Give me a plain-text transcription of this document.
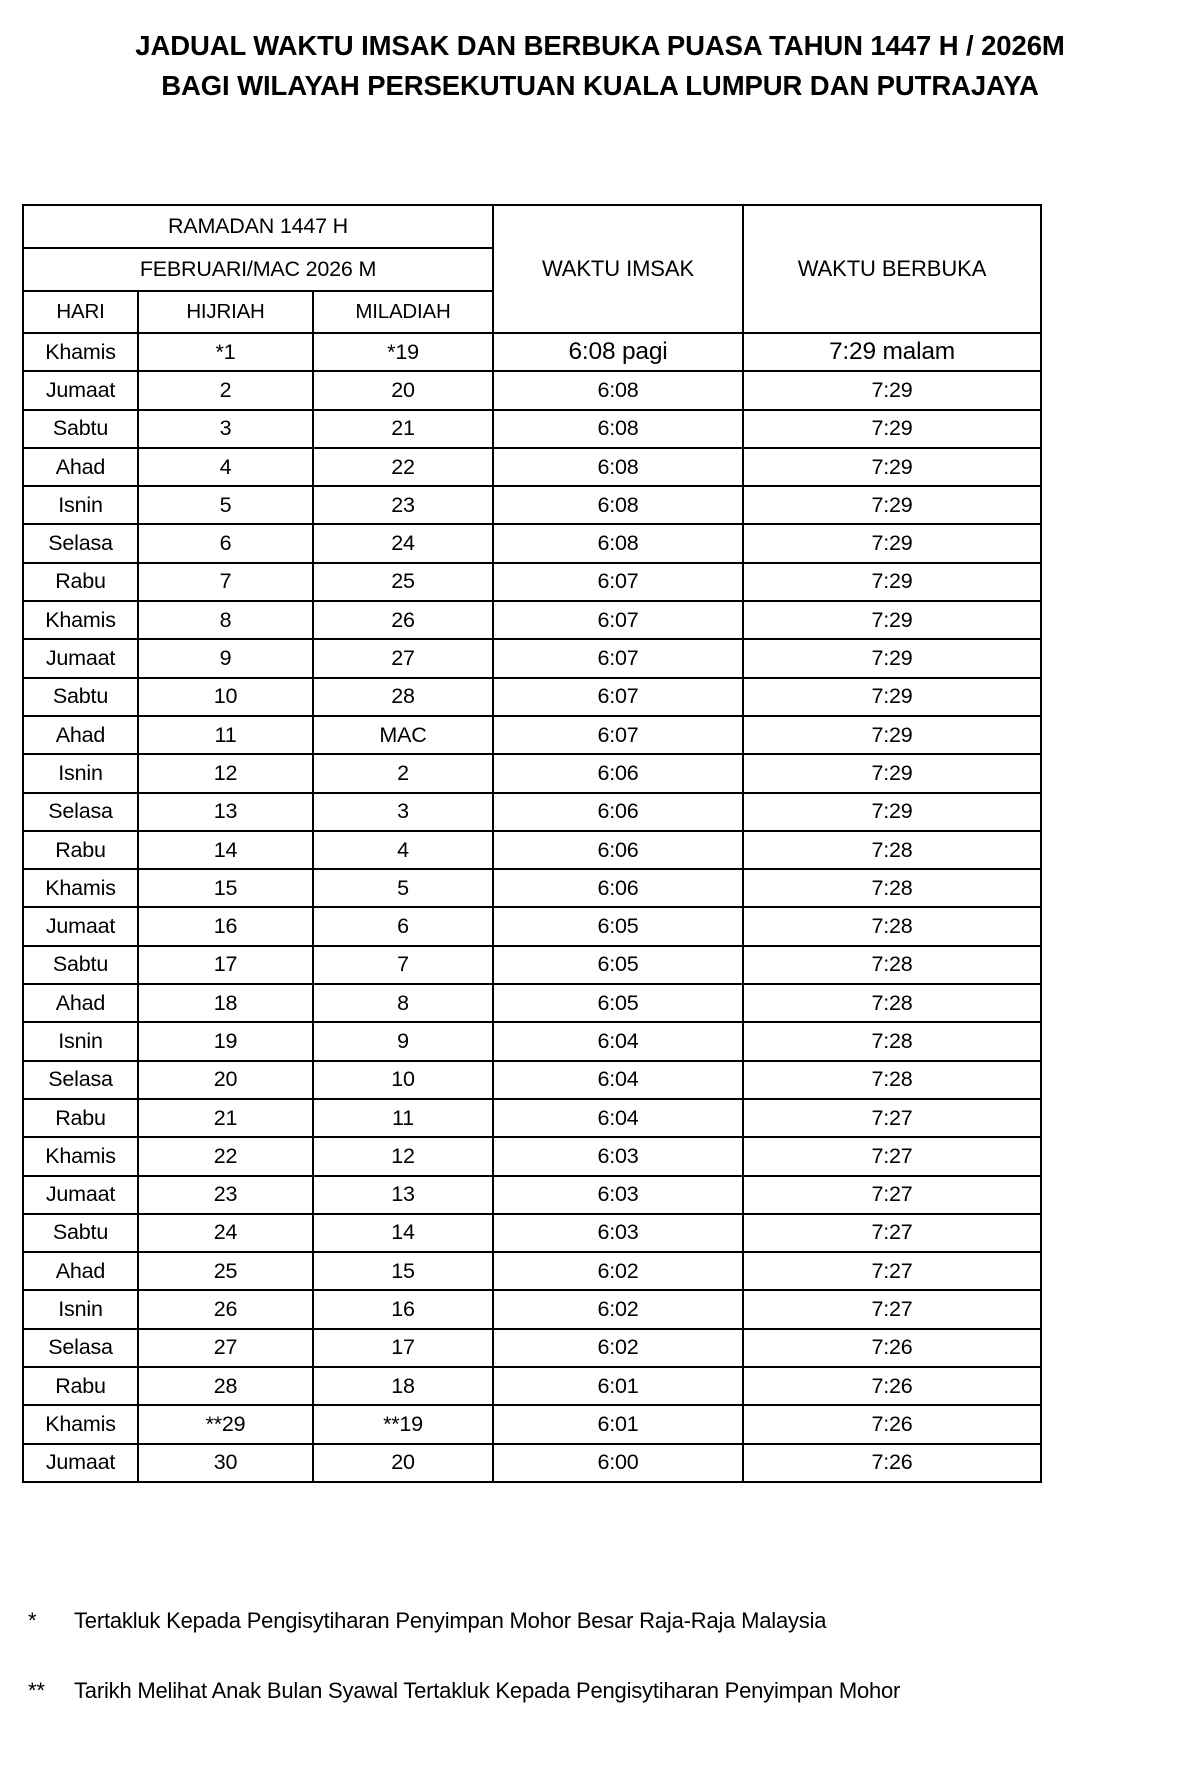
JADUAL WAKTU IMSAK DAN BERBUKA PUASA TAHUN 1447 H / 2026M
BAGI WILAYAH PERSEKUTUAN KUALA LUMPUR DAN PUTRAJAYA
RAMADAN 1447 H			WAKTU IMSAK	WAKTU BERBUKA
FEBRUARI/MAC 2026 M				
HARI	HIJRIAH	MILADIAH		
Khamis	*1	*19	6:08 pagi	7:29 malam
Jumaat	2	20	6:08	7:29
Sabtu	3	21	6:08	7:29
Ahad	4	22	6:08	7:29
Isnin	5	23	6:08	7:29
Selasa	6	24	6:08	7:29
Rabu	7	25	6:07	7:29
Khamis	8	26	6:07	7:29
Jumaat	9	27	6:07	7:29
Sabtu	10	28	6:07	7:29
Ahad	11	MAC	6:07	7:29
Isnin	12	2	6:06	7:29
Selasa	13	3	6:06	7:29
Rabu	14	4	6:06	7:28
Khamis	15	5	6:06	7:28
Jumaat	16	6	6:05	7:28
Sabtu	17	7	6:05	7:28
Ahad	18	8	6:05	7:28
Isnin	19	9	6:04	7:28
Selasa	20	10	6:04	7:28
Rabu	21	11	6:04	7:27
Khamis	22	12	6:03	7:27
Jumaat	23	13	6:03	7:27
Sabtu	24	14	6:03	7:27
Ahad	25	15	6:02	7:27
Isnin	26	16	6:02	7:27
Selasa	27	17	6:02	7:26
Rabu	28	18	6:01	7:26
Khamis	**29	**19	6:01	7:26
Jumaat	30	20	6:00	7:26
*	Tertakluk Kepada Pengisytiharan Penyimpan Mohor Besar Raja-Raja Malaysia
**	Tarikh Melihat Anak Bulan Syawal Tertakluk Kepada Pengisytiharan Penyimpan Mohor
